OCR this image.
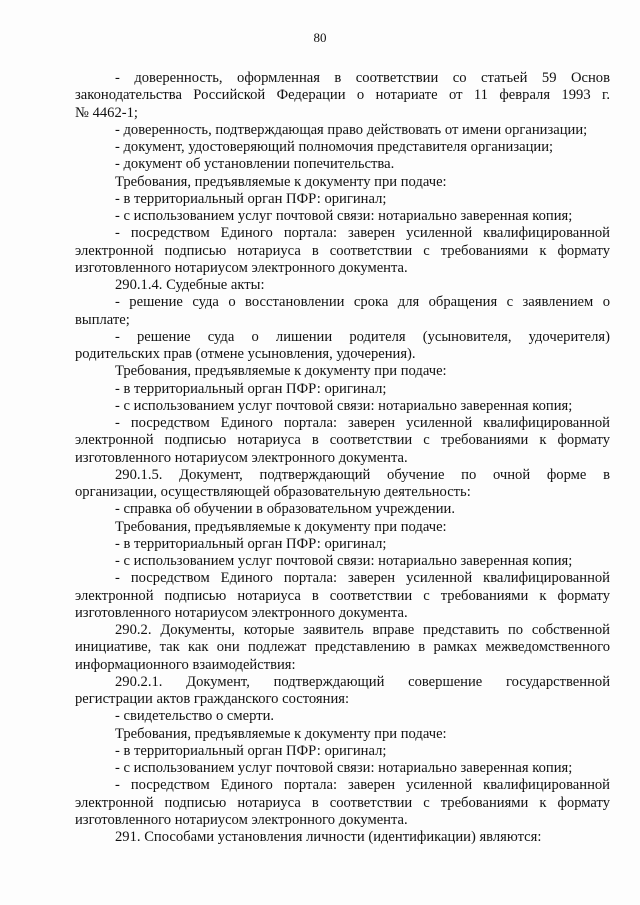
80
- доверенность, оформленная в соответствии со статьей 59 Основ
законодательства Российской Федерации о нотариате от 11 февраля 1993 г.
№ 4462-1;
- доверенность, подтверждающая право действовать от имени организации;
- документ, удостоверяющий полномочия представителя организации;
- документ об установлении попечительства.
Требования, предъявляемые к документу при подаче:
- в территориальный орган ПФР: оригинал;
- с использованием услуг почтовой связи: нотариально заверенная копия;
- посредством Единого портала: заверен усиленной квалифицированной
электронной подписью нотариуса в соответствии с требованиями к формату
изготовленного нотариусом электронного документа.
290.1.4. Судебные акты:
- решение суда о восстановлении срока для обращения с заявлением о
выплате;
- решение суда о лишении родителя (усыновителя, удочерителя)
родительских прав (отмене усыновления, удочерения).
Требования, предъявляемые к документу при подаче:
- в территориальный орган ПФР: оригинал;
- с использованием услуг почтовой связи: нотариально заверенная копия;
- посредством Единого портала: заверен усиленной квалифицированной
электронной подписью нотариуса в соответствии с требованиями к формату
изготовленного нотариусом электронного документа.
290.1.5. Документ, подтверждающий обучение по очной форме в
организации, осуществляющей образовательную деятельность:
- справка об обучении в образовательном учреждении.
Требования, предъявляемые к документу при подаче:
- в территориальный орган ПФР: оригинал;
- с использованием услуг почтовой связи: нотариально заверенная копия;
- посредством Единого портала: заверен усиленной квалифицированной
электронной подписью нотариуса в соответствии с требованиями к формату
изготовленного нотариусом электронного документа.
290.2. Документы, которые заявитель вправе представить по собственной
инициативе, так как они подлежат представлению в рамках межведомственного
информационного взаимодействия:
290.2.1. Документ, подтверждающий совершение государственной
регистрации актов гражданского состояния:
- свидетельство о смерти.
Требования, предъявляемые к документу при подаче:
- в территориальный орган ПФР: оригинал;
- с использованием услуг почтовой связи: нотариально заверенная копия;
- посредством Единого портала: заверен усиленной квалифицированной
электронной подписью нотариуса в соответствии с требованиями к формату
изготовленного нотариусом электронного документа.
291. Способами установления личности (идентификации) являются:
